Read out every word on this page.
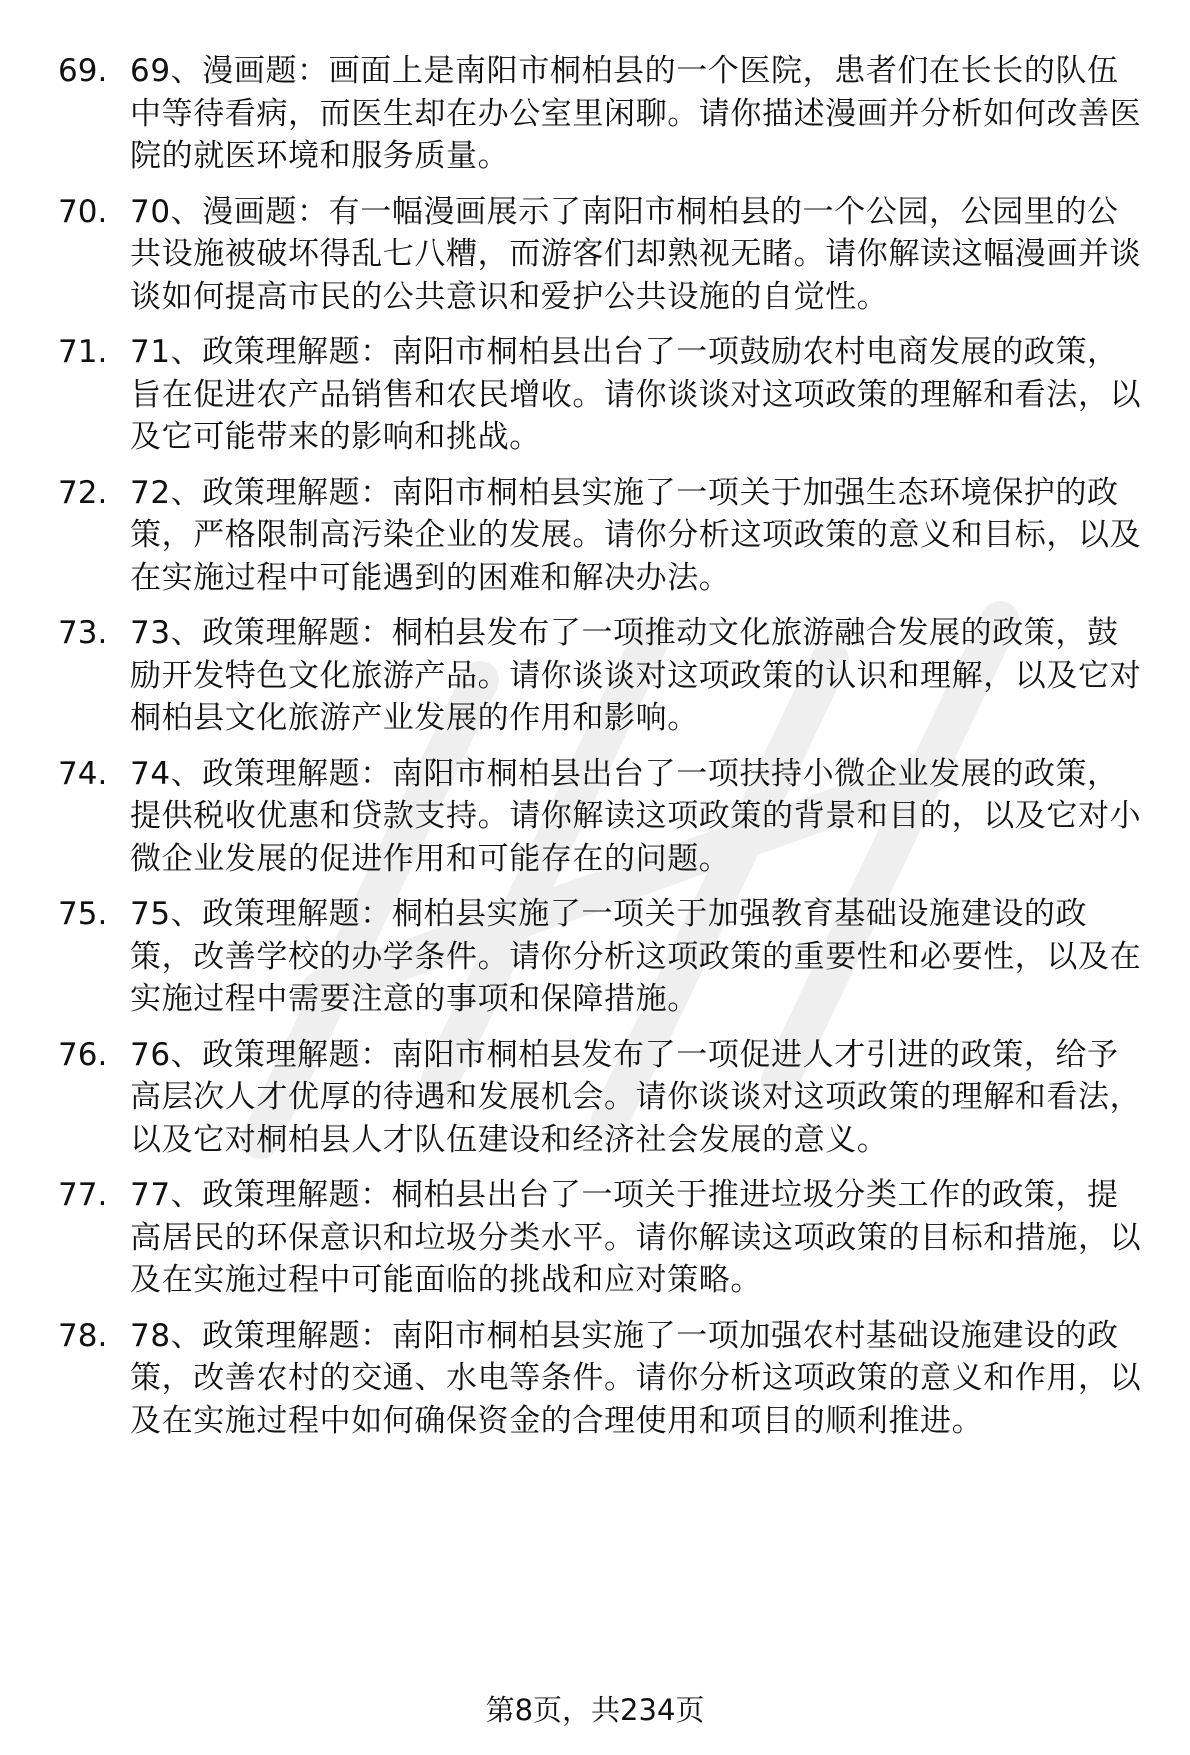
69. 69、漫画题：画面上是南阳市桐柏县的一个医院，患者们在长长的队伍中等待看病，而医生却在办公室里闲聊。请你描述漫画并分析如何改善医院的就医环境和服务质量。
70. 70、漫画题：有一幅漫画展示了南阳市桐柏县的一个公园，公园里的公共设施被破坏得乱七八糟，而游客们却熟视无睹。请你解读这幅漫画并谈谈如何提高市民的公共意识和爱护公共设施的自觉性。
71. 71、政策理解题：南阳市桐柏县出台了一项鼓励农村电商发展的政策，旨在促进农产品销售和农民增收。请你谈谈对这项政策的理解和看法，以及它可能带来的影响和挑战。
72. 72、政策理解题：南阳市桐柏县实施了一项关于加强生态环境保护的政策，严格限制高污染企业的发展。请你分析这项政策的意义和目标，以及在实施过程中可能遇到的困难和解决办法。
73. 73、政策理解题：桐柏县发布了一项推动文化旅游融合发展的政策，鼓励开发特色文化旅游产品。请你谈谈对这项政策的认识和理解，以及它对桐柏县文化旅游产业发展的作用和影响。
74. 74、政策理解题：南阳市桐柏县出台了一项扶持小微企业发展的政策，提供税收优惠和贷款支持。请你解读这项政策的背景和目的，以及它对小微企业发展的促进作用和可能存在的问题。
75. 75、政策理解题：桐柏县实施了一项关于加强教育基础设施建设的政策，改善学校的办学条件。请你分析这项政策的重要性和必要性，以及在实施过程中需要注意的事项和保障措施。
76. 76、政策理解题：南阳市桐柏县发布了一项促进人才引进的政策，给予高层次人才优厚的待遇和发展机会。请你谈谈对这项政策的理解和看法，以及它对桐柏县人才队伍建设和经济社会发展的意义。
77. 77、政策理解题：桐柏县出台了一项关于推进垃圾分类工作的政策，提高居民的环保意识和垃圾分类水平。请你解读这项政策的目标和措施，以及在实施过程中可能面临的挑战和应对策略。
78. 78、政策理解题：南阳市桐柏县实施了一项加强农村基础设施建设的政策，改善农村的交通、水电等条件。请你分析这项政策的意义和作用，以及在实施过程中如何确保资金的合理使用和项目的顺利推进。
第8页，共234页
